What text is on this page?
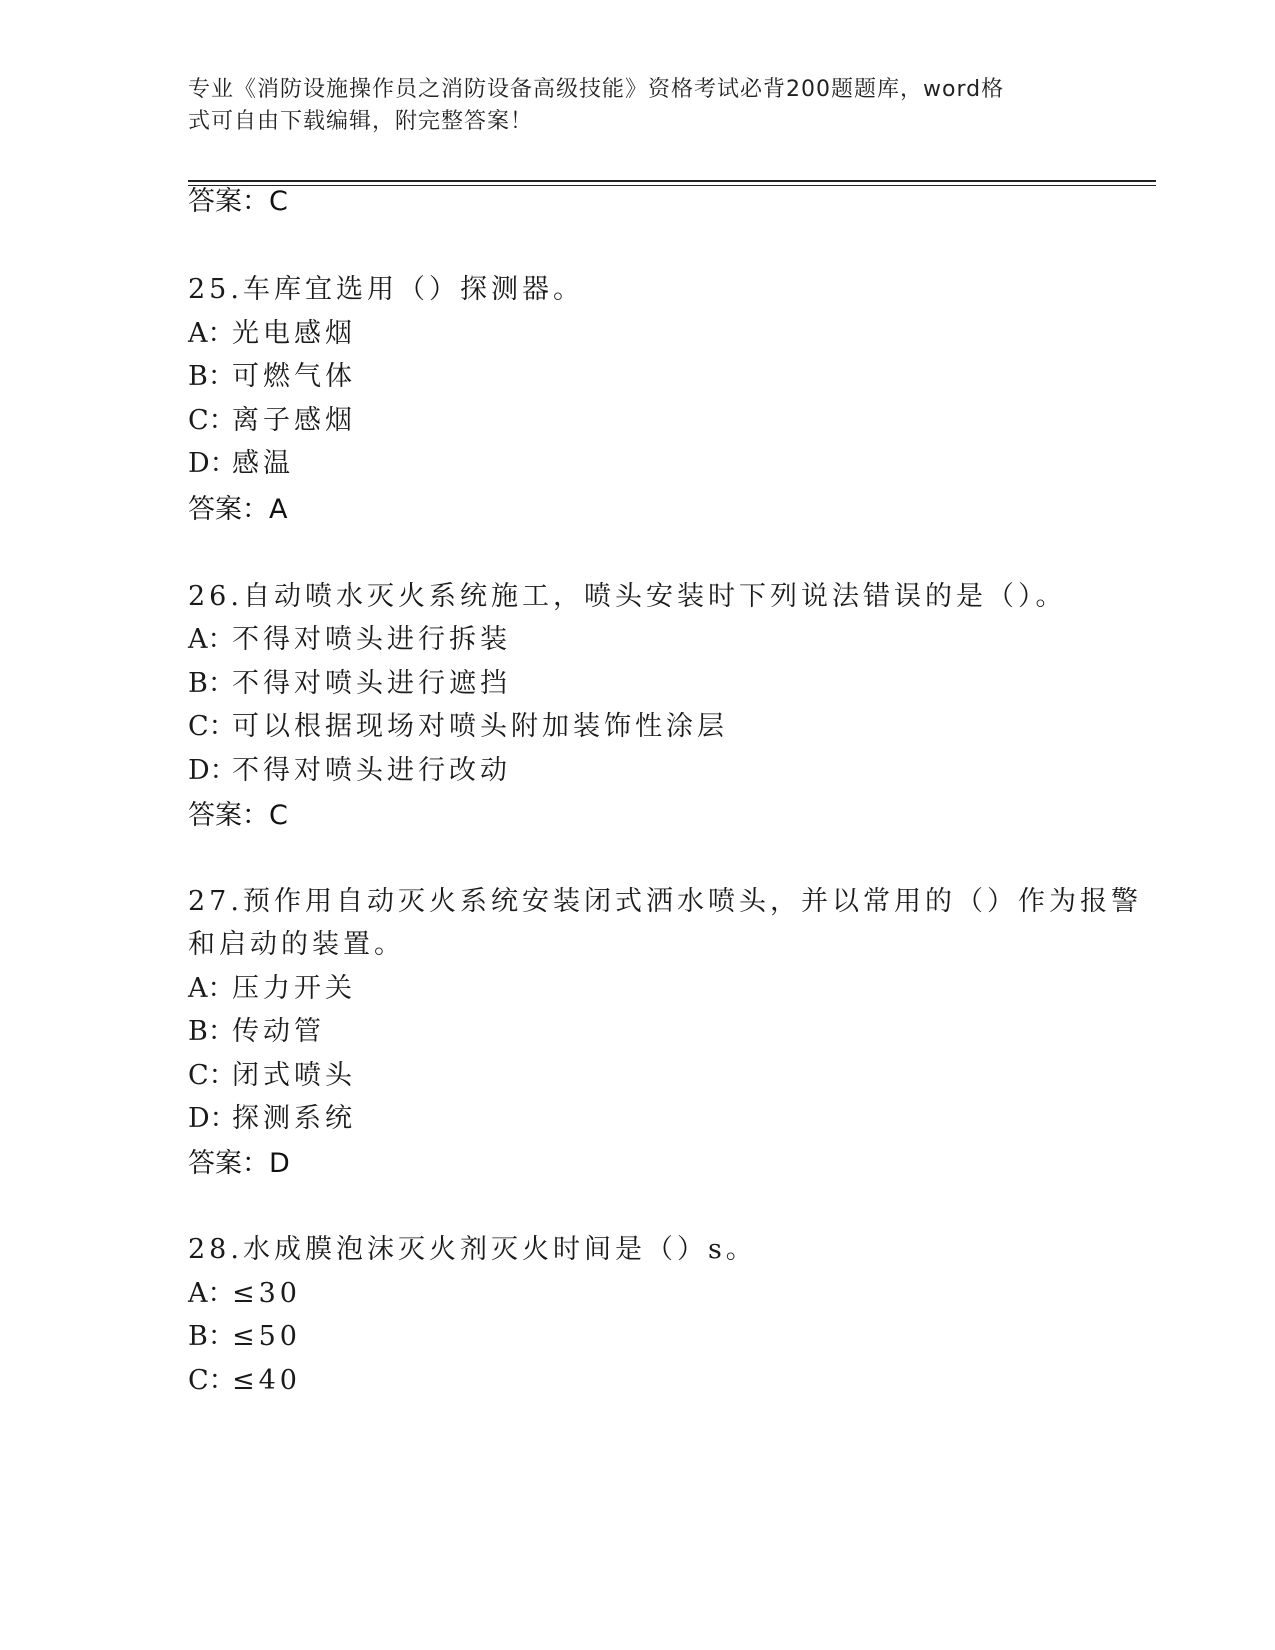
专业《消防设施操作员之消防设备高级技能》资格考试必背200题题库，word格
式可自由下载编辑，附完整答案！
答案：C
25.车库宜选用（）探测器。
A：光电感烟
B：可燃气体
C：离子感烟
D：感温
答案：A
26.自动喷水灭火系统施工，喷头安装时下列说法错误的是（）。
A：不得对喷头进行拆装
B：不得对喷头进行遮挡
C：可以根据现场对喷头附加装饰性涂层
D：不得对喷头进行改动
答案：C
27.预作用自动灭火系统安装闭式洒水喷头，并以常用的（）作为报警
和启动的装置。
A：压力开关
B：传动管
C：闭式喷头
D：探测系统
答案：D
28.水成膜泡沫灭火剂灭火时间是（）s。
A：≤30
B：≤50
C：≤40
